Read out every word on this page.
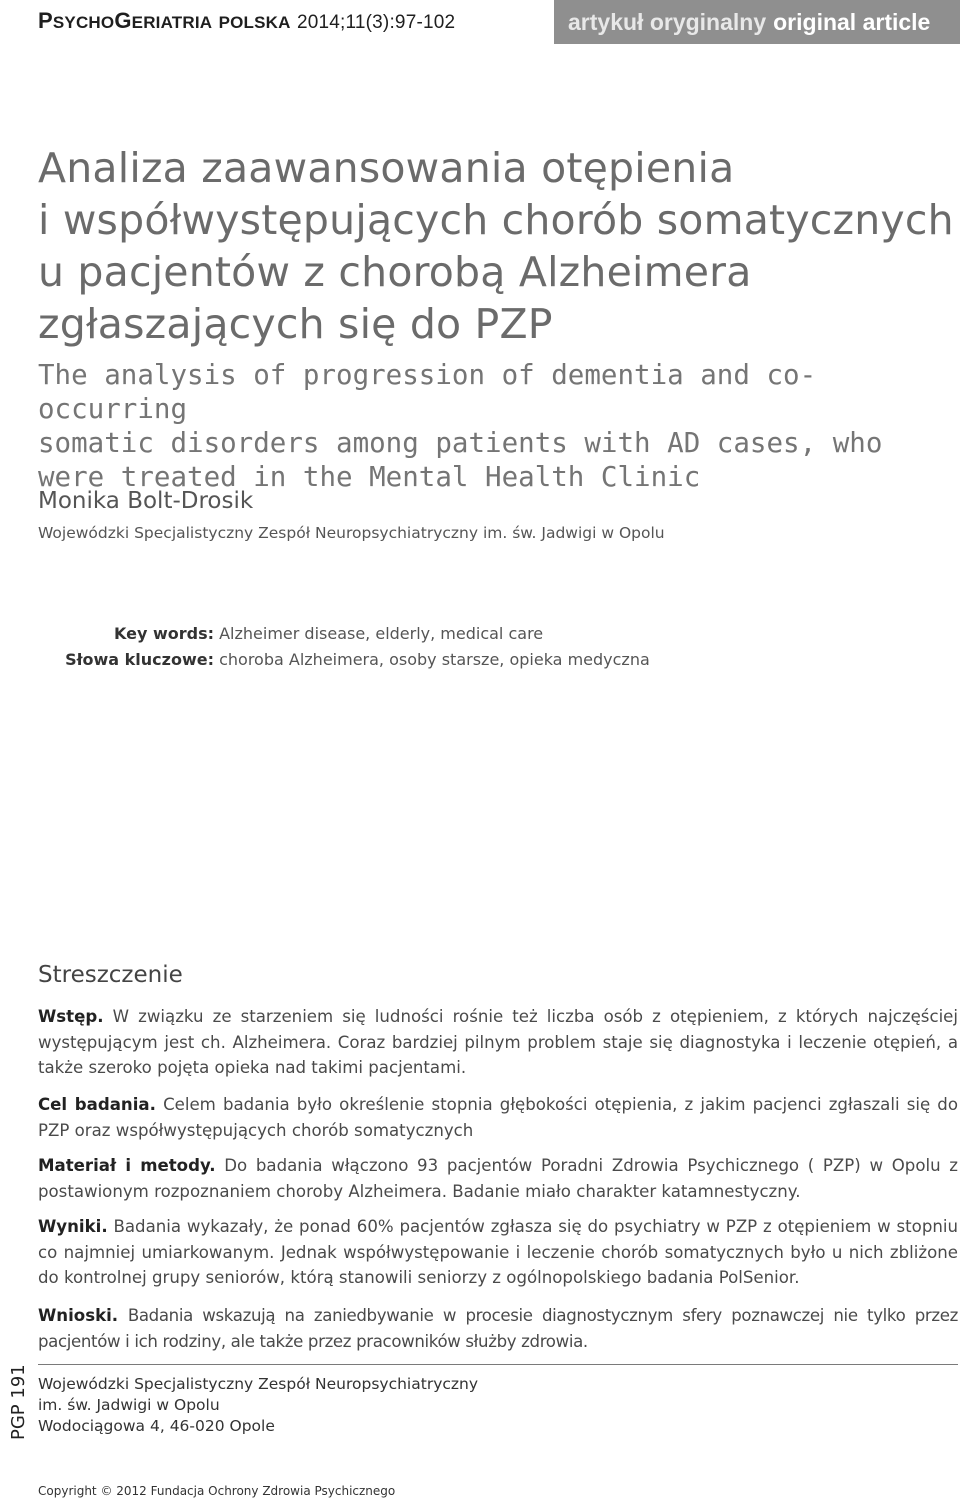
PSYCHOGERIATRIA POLSKA 2014;11(3):97-102	artykuł oryginalny original article
Analiza zaawansowania otępienia
i współwystępujących chorób somatycznych
u pacjentów z chorobą Alzheimera
zgłaszających się do PZP
The analysis of progression of dementia and co-occurring
somatic disorders among patients with AD cases, who
were treated in the Mental Health Clinic
Monika Bolt-Drosik
Wojewódzki Specjalistyczny Zespół Neuropsychiatryczny im. św. Jadwigi w Opolu
Key words:
Alzheimer disease, elderly, medical care
Słowa kluczowe:
choroba Alzheimera, osoby starsze, opieka medyczna
Streszczenie

Wstęp. W związku ze starzeniem się ludności rośnie też liczba osób z otępieniem, z których najczęściej występującym jest ch. Alzheimera. Coraz bardziej pilnym problem staje się diagnostyka i leczenie otępień, a także szeroko pojęta opieka nad takimi pacjentami.

Cel badania. Celem badania było określenie stopnia głębokości otępienia, z jakim pacjenci zgłaszali się do PZP oraz współwystępujących chorób somatycznych

Materiał i metody. Do badania włączono 93 pacjentów Poradni Zdrowia Psychicznego ( PZP) w Opolu z postawionym rozpoznaniem choroby Alzheimera. Badanie miało charakter katamnestyczny.

Wyniki. Badania wykazały, że ponad 60% pacjentów zgłasza się do psychiatry w PZP z otępieniem w stopniu co najmniej umiarkowanym. Jednak współwystępowanie i leczenie chorób somatycznych było u nich zbliżone do kontrolnej grupy seniorów, którą stanowili seniorzy z ogólnopolskiego badania PolSenior.

Wnioski. Badania wskazują na zaniedbywanie w procesie diagnostycznym sfery poznawczej nie tylko przez pacjentów i ich rodziny, ale także przez pracowników służby zdrowia.

Wojewódzki Specjalistyczny Zespół Neuropsychiatryczny
im. św. Jadwigi w Opolu
Wodociągowa 4, 46-020 Opole

PGP 191
Copyright © 2012 Fundacja Ochrony Zdrowia Psychicznego
